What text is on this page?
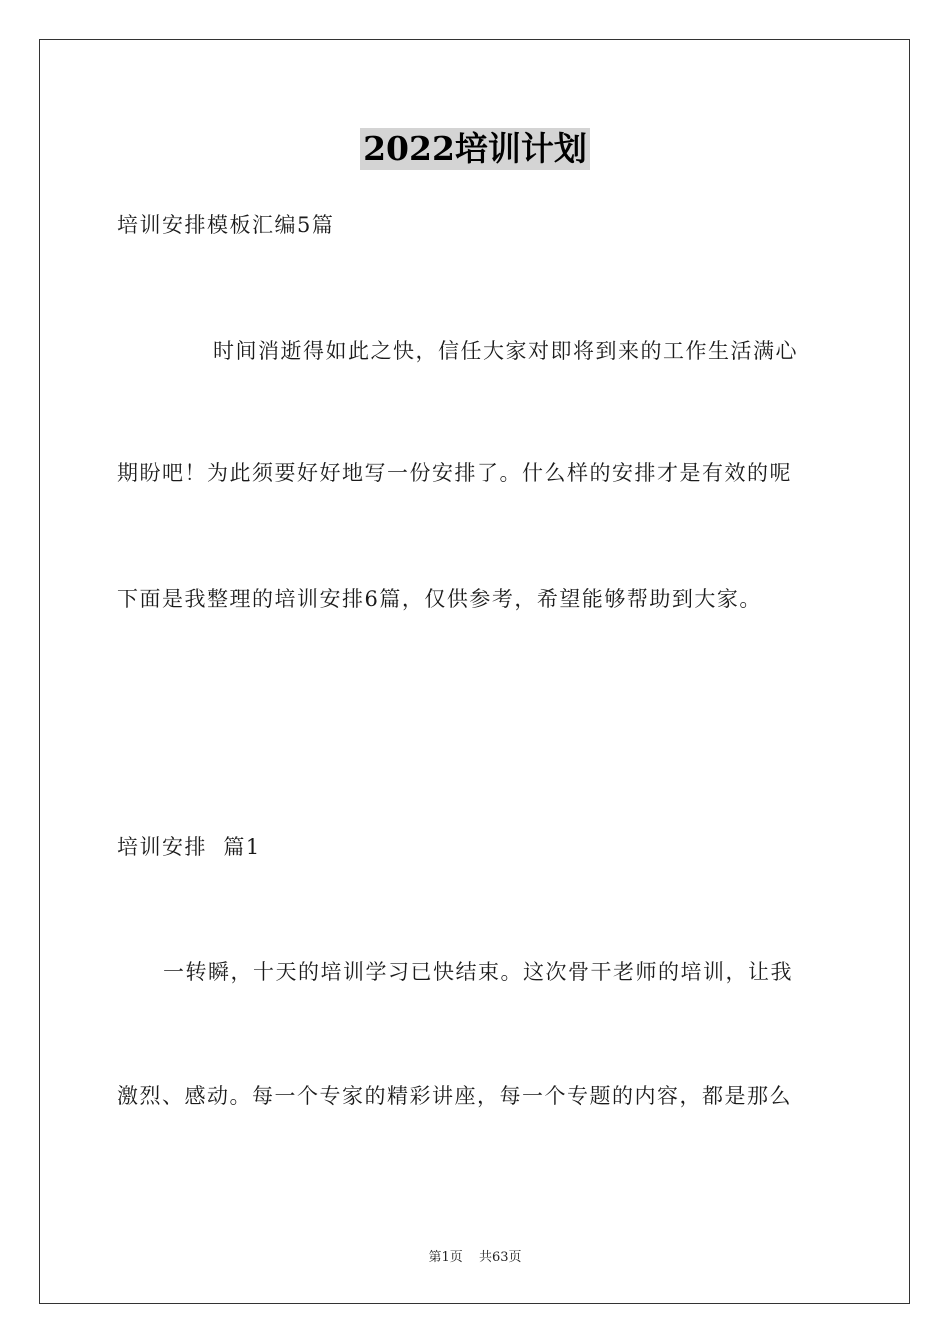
2022培训计划
培训安排模板汇编5篇
时间消逝得如此之快，信任大家对即将到来的工作生活满心
期盼吧！为此须要好好地写一份安排了。什么样的安排才是有效的呢
下面是我整理的培训安排6篇，仅供参考，希望能够帮助到大家。
培训安排  篇1
一转瞬，十天的培训学习已快结束。这次骨干老师的培训，让我
激烈、感动。每一个专家的精彩讲座，每一个专题的内容，都是那么
第1页 共63页
